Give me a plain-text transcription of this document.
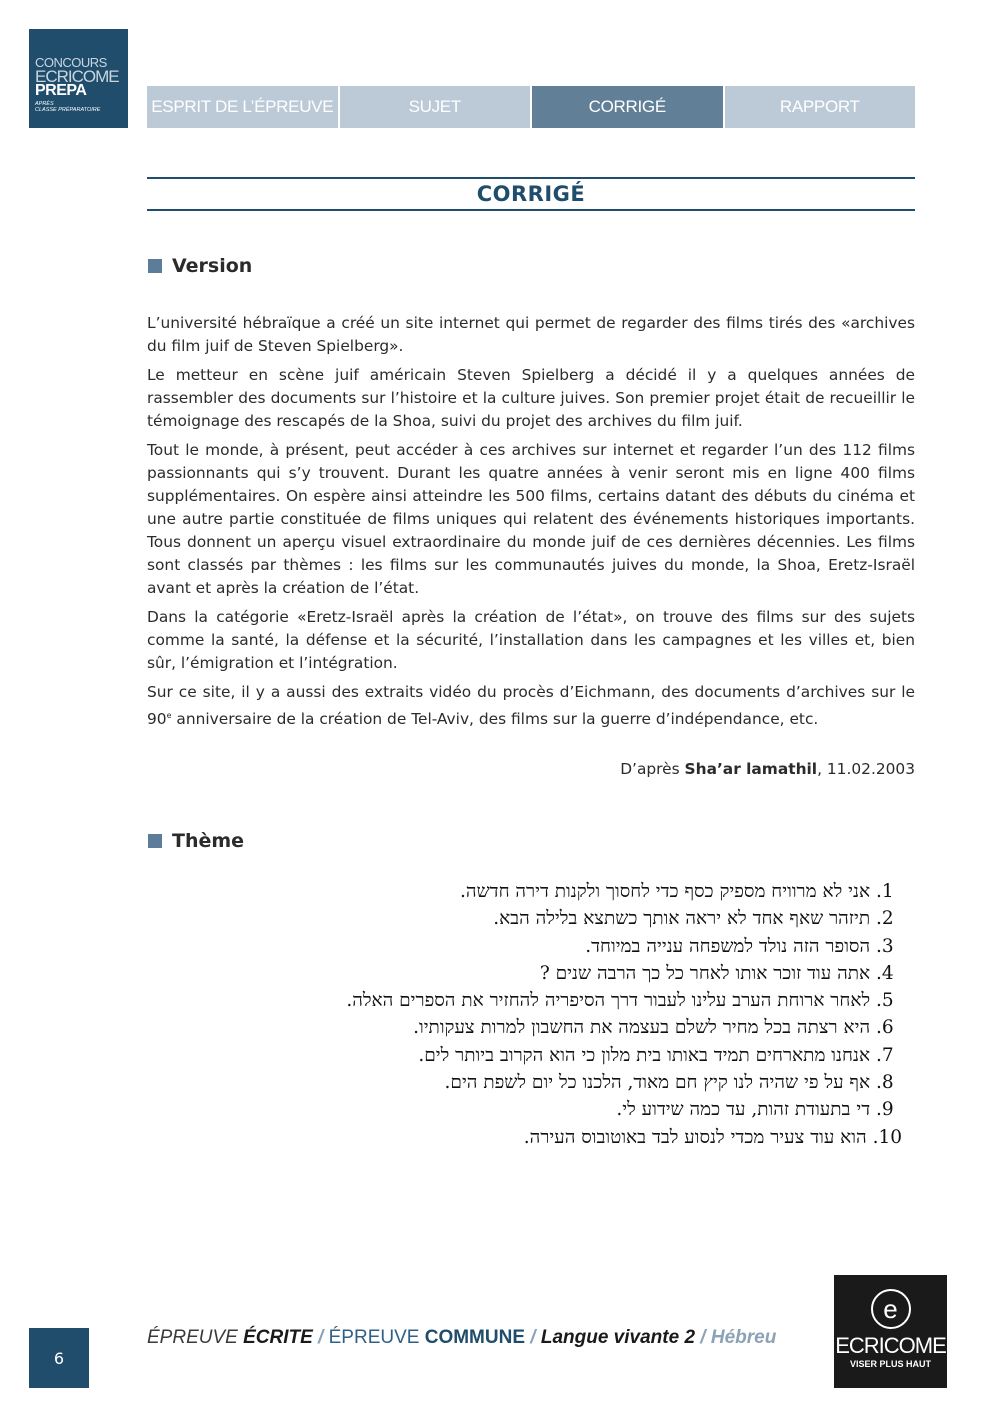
CONCOURS
ECRICOME
PREPA
APRÈS
CLASSE PRÉPARATOIRE	ESPRIT DE L’ÉPREUVE	SUJET	CORRIGÉ	RAPPORT
CORRIGÉ
Version

L’université hébraïque a créé un site internet qui permet de regarder des films tirés des «archives du film juif de Steven Spielberg».

Le metteur en scène juif américain Steven Spielberg a décidé il y a quelques années de rassembler des documents sur l’histoire et la culture juives. Son premier projet était de recueillir le témoignage des rescapés de la Shoa, suivi du projet des archives du film juif.

Tout le monde, à présent, peut accéder à ces archives sur internet et regarder l’un des 112 films passionnants qui s’y trouvent. Durant les quatre années à venir seront mis en ligne 400 films supplémentaires. On espère ainsi atteindre les 500 films, certains datant des débuts du cinéma et une autre partie constituée de films uniques qui relatent des événements historiques importants. Tous donnent un aperçu visuel extraordinaire du monde juif de ces dernières décennies. Les films sont classés par thèmes : les films sur les communautés juives du monde, la Shoa, Eretz-Israël avant et après la création de l’état.

Dans la catégorie «Eretz-Israël après la création de l’état», on trouve des films sur des sujets comme la santé, la défense et la sécurité, l’installation dans les campagnes et les villes et, bien sûr, l’émigration et l’intégration.

Sur ce site, il y a aussi des extraits vidéo du procès d’Eichmann, des documents d’archives sur le 90e anniversaire de la création de Tel-Aviv, des films sur la guerre d’indépendance, etc.

D’après Sha’ar lamathil, 11.02.2003
Thème
1. אני לא מרוויח מספיק כסף כדי לחסוך ולקנות דירה חדשה.
2. תיזהר שאף אחד לא יראה אותך כשתצא בלילה הבא.
3. הסופר הזה נולד למשפחה ענייה במיוחד.
4. אתה עוד זוכר אותו לאחר כל כך הרבה שנים ?
5. לאחר ארוחת הערב עלינו לעבור דרך הסיפריה להחזיר את הספרים האלה.
6. היא רצתה בכל מחיר לשלם בעצמה את החשבון למרות צעקותיו.
7. אנחנו מתארחים תמיד באותו בית מלון כי הוא הקרוב ביותר לים.
8. אף על פי שהיה לנו קיץ חם מאוד, הלכנו כל יום לשפת הים.
9. די בתעודת זהות, עד כמה שידוע לי.
10. הוא עוד צעיר מכדי לנסוע לבד באוטובוס העירה.
6
ÉPREUVE ÉCRITE / ÉPREUVE COMMUNE / Langue vivante 2 / Hébreu
e
ECRICOME
VISER PLUS HAUT
